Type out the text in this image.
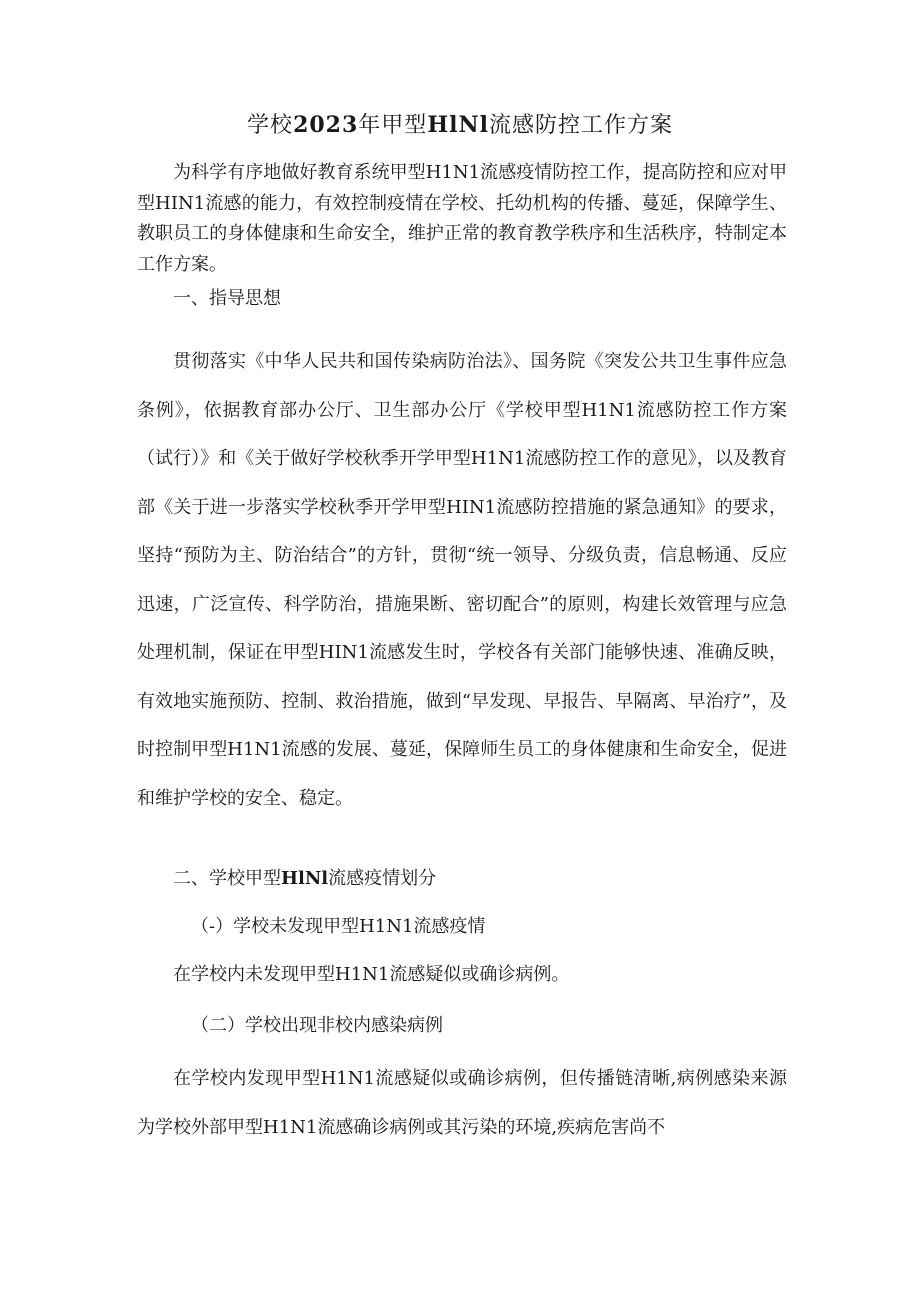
学校2023年甲型HlNl流感防控工作方案

为科学有序地做好教育系统甲型H1N1流感疫情防控工作，提高防控和应对甲型HIN1流感的能力，有效控制疫情在学校、托幼机构的传播、蔓延，保障学生、教职员工的身体健康和生命安全，维护正常的教育教学秩序和生活秩序，特制定本工作方案。

一、指导思想

贯彻落实《中华人民共和国传染病防治法》、国务院《突发公共卫生事件应急条例》，依据教育部办公厅、卫生部办公厅《学校甲型H1N1流感防控工作方案（试行）》和《关于做好学校秋季开学甲型H1N1流感防控工作的意见》，以及教育部《关于进一步落实学校秋季开学甲型HIN1流感防控措施的紧急通知》的要求，坚持“预防为主、防治结合”的方针，贯彻“统一领导、分级负责，信息畅通、反应迅速，广泛宣传、科学防治，措施果断、密切配合”的原则，构建长效管理与应急处理机制，保证在甲型HIN1流感发生时，学校各有关部门能够快速、准确反映，有效地实施预防、控制、救治措施，做到“早发现、早报告、早隔离、早治疗”，及时控制甲型H1N1流感的发展、蔓延，保障师生员工的身体健康和生命安全，促进和维护学校的安全、稳定。

二、学校甲型HlNl流感疫情划分

（-）学校未发现甲型H1N1流感疫情

在学校内未发现甲型H1N1流感疑似或确诊病例。

（二）学校出现非校内感染病例

在学校内发现甲型H1N1流感疑似或确诊病例，但传播链清晰,病例感染来源为学校外部甲型H1N1流感确诊病例或其污染的环境,疾病危害尚不
